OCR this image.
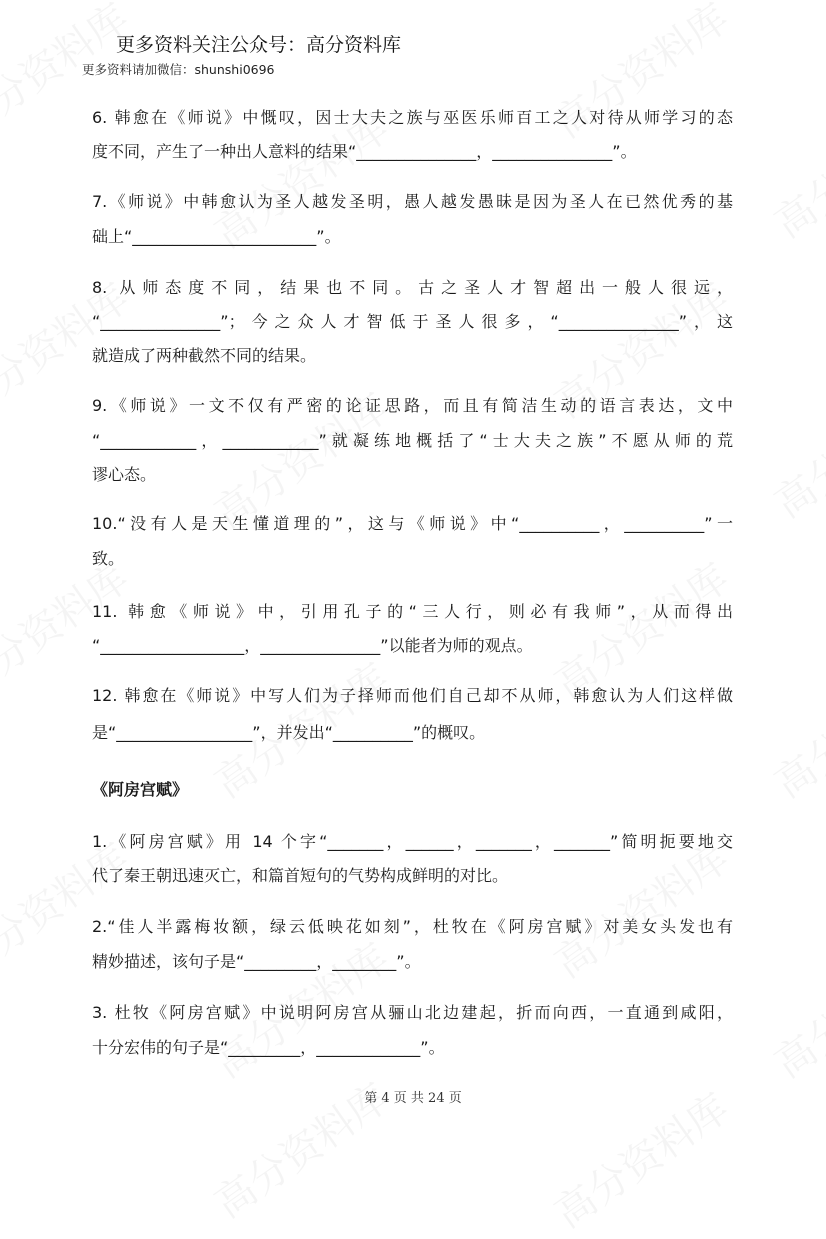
更多资料关注公众号：高分资料库
更多资料请加微信：shunshi0696
6. 韩愈在《师说》中慨叹，因士大夫之族与巫医乐师百工之人对待从师学习的态
度不同，产生了一种出人意料的结果“_______________，_______________”。
7.《师说》中韩愈认为圣人越发圣明，愚人越发愚昧是因为圣人在已然优秀的基
础上“_______________________”。
8. 从师态度不同，结果也不同。古之圣人才智超出一般人很远，
“_______________”；今之众人才智低于圣人很多，“_______________”，这
就造成了两种截然不同的结果。
9.《师说》一文不仅有严密的论证思路，而且有简洁生动的语言表达，文中
“____________，____________”就凝练地概括了“士大夫之族”不愿从师的荒
谬心态。
10.“没有人是天生懂道理的”，这与《师说》中“__________，__________”一
致。
11. 韩愈《师说》中，引用孔子的“三人行，则必有我师”，从而得出
“__________________，_______________”以能者为师的观点。
12. 韩愈在《师说》中写人们为子择师而他们自己却不从师，韩愈认为人们这样做
是“_________________”，并发出“__________”的概叹。
《阿房宫赋》
1.《阿房宫赋》用 14 个字“_______，______，_______，_______”简明扼要地交
代了秦王朝迅速灭亡，和篇首短句的气势构成鲜明的对比。
2.“佳人半露梅妆额，绿云低映花如刻”，杜牧在《阿房宫赋》对美女头发也有
精妙描述，该句子是“_________，________”。
3. 杜牧《阿房宫赋》中说明阿房宫从骊山北边建起，折而向西，一直通到咸阳，
十分宏伟的句子是“_________，_____________”。
第 4 页 共 24 页
